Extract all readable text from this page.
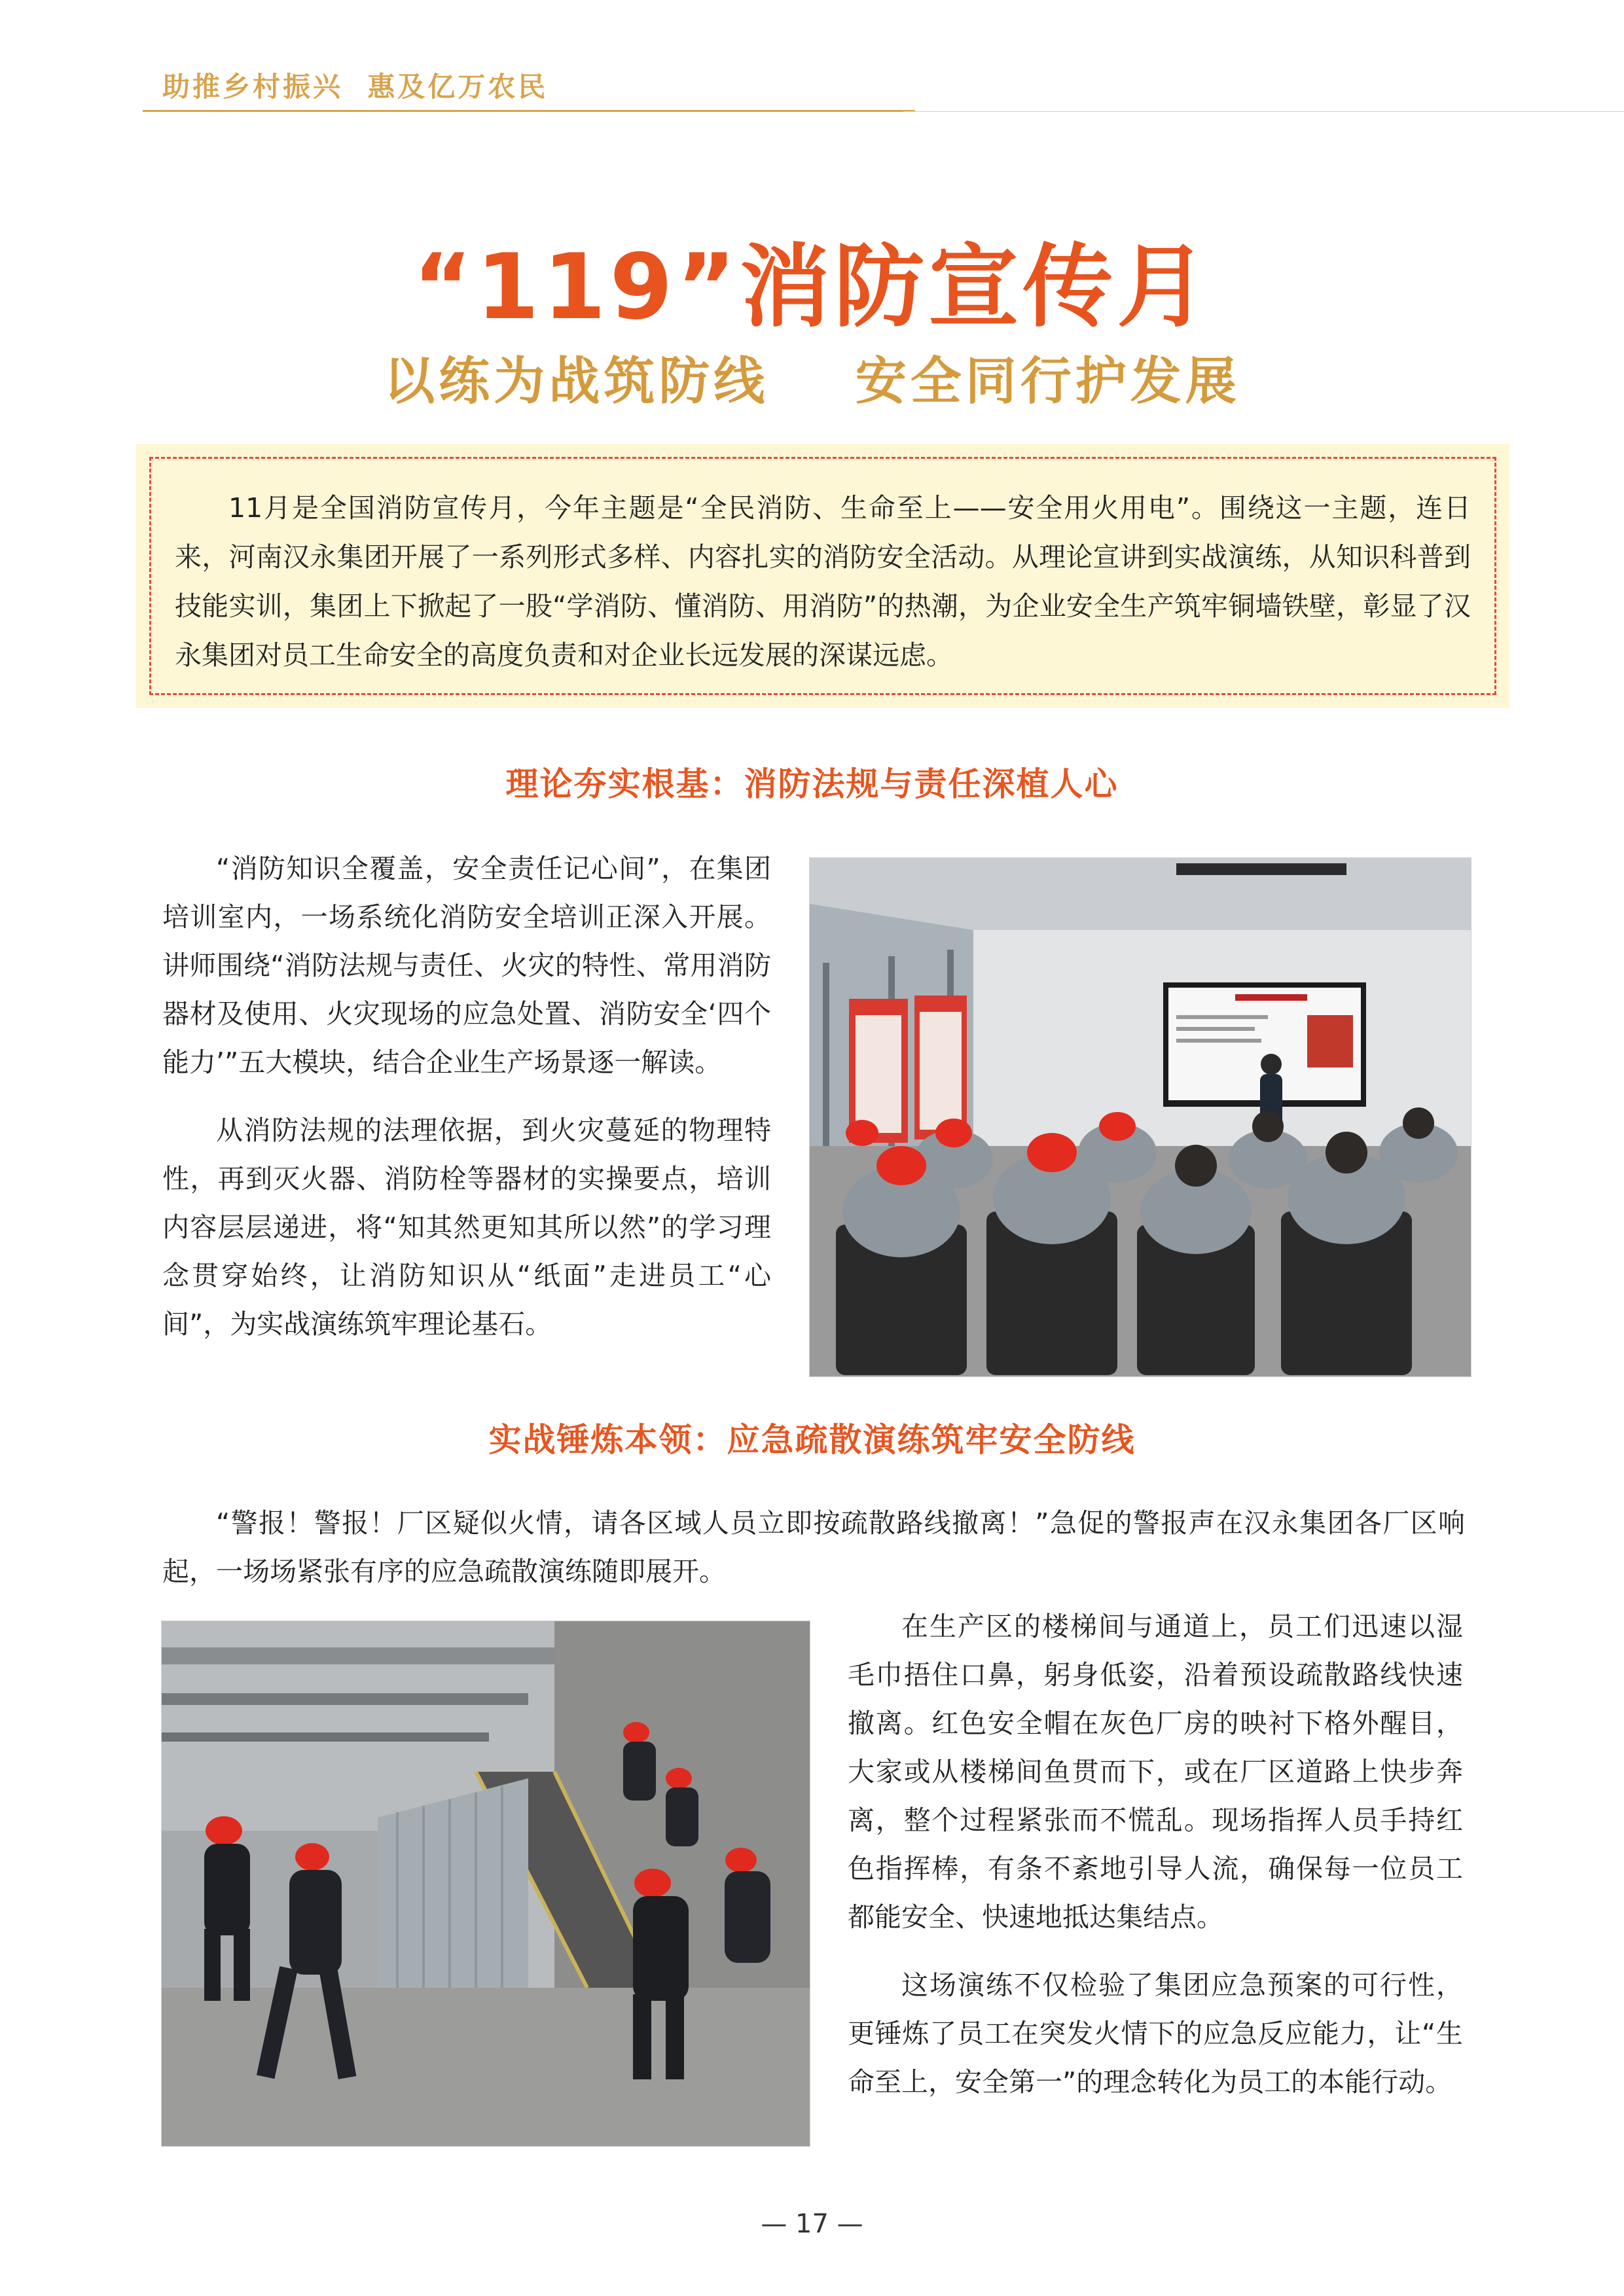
助推乡村振兴  惠及亿万农民
“119”消防宣传月
以练为战筑防线    安全同行护发展

11月是全国消防宣传月，今年主题是“全民消防、生命至上——安全用火用电”。围绕这一主题，连日来，河南汉永集团开展了一系列形式多样、内容扎实的消防安全活动。从理论宣讲到实战演练，从知识科普到技能实训，集团上下掀起了一股“学消防、懂消防、用消防”的热潮，为企业安全生产筑牢铜墙铁壁，彰显了汉永集团对员工生命安全的高度负责和对企业长远发展的深谋远虑。

理论夯实根基：消防法规与责任深植人心

“消防知识全覆盖，安全责任记心间”，在集团培训室内，一场系统化消防安全培训正深入开展。讲师围绕“消防法规与责任、火灾的特性、常用消防器材及使用、火灾现场的应急处置、消防安全‘四个能力’”五大模块，结合企业生产场景逐一解读。

从消防法规的法理依据，到火灾蔓延的物理特性，再到灭火器、消防栓等器材的实操要点，培训内容层层递进，将“知其然更知其所以然”的学习理念贯穿始终，让消防知识从“纸面”走进员工“心间”，为实战演练筑牢理论基石。

实战锤炼本领：应急疏散演练筑牢安全防线

“警报！警报！厂区疑似火情，请各区域人员立即按疏散路线撤离！”急促的警报声在汉永集团各厂区响起，一场场紧张有序的应急疏散演练随即展开。

在生产区的楼梯间与通道上，员工们迅速以湿毛巾捂住口鼻，躬身低姿，沿着预设疏散路线快速撤离。红色安全帽在灰色厂房的映衬下格外醒目，大家或从楼梯间鱼贯而下，或在厂区道路上快步奔离，整个过程紧张而不慌乱。现场指挥人员手持红色指挥棒，有条不紊地引导人流，确保每一位员工都能安全、快速地抵达集结点。

这场演练不仅检验了集团应急预案的可行性，更锤炼了员工在突发火情下的应急反应能力，让“生命至上，安全第一”的理念转化为员工的本能行动。

— 17 —
